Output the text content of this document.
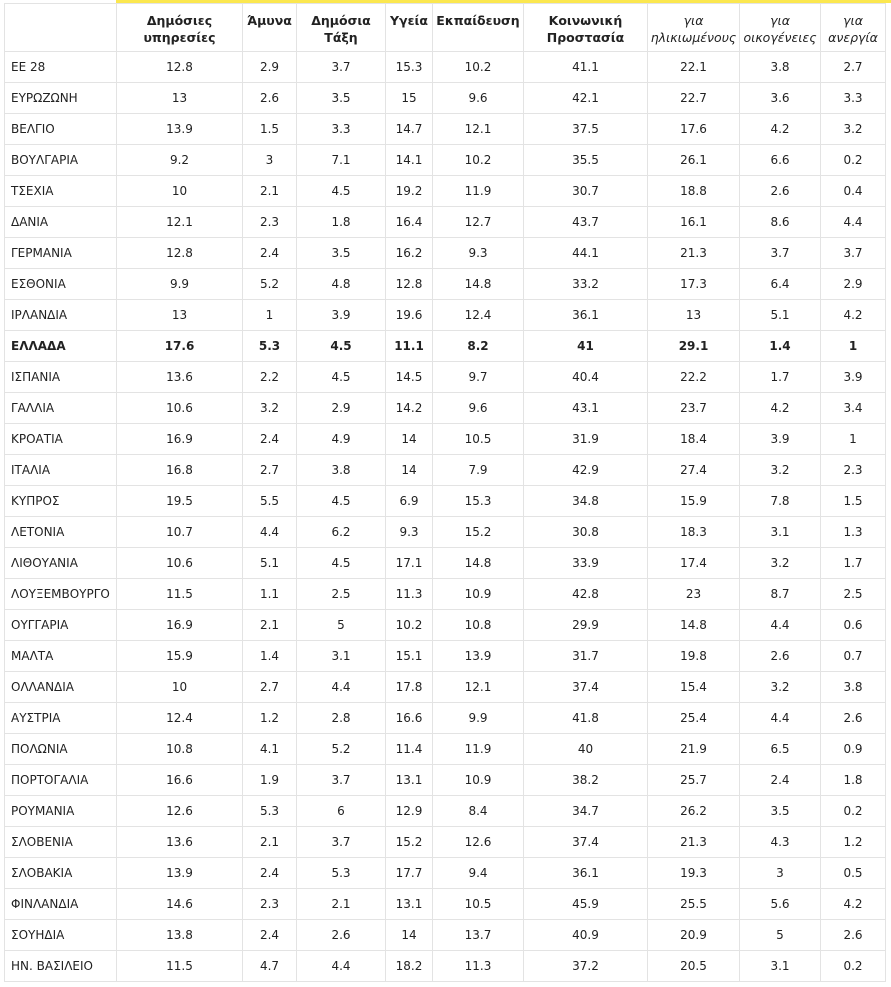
	Δημόσιες υπηρεσίες	Άμυνα	Δημόσια Τάξη	Υγεία	Εκπαίδευση	Κοινωνική Προστασία	για ηλικιωμένους	για οικογένειες	για ανεργία
ΕΕ 28	12.8	2.9	3.7	15.3	10.2	41.1	22.1	3.8	2.7
ΕΥΡΩΖΩΝΗ	13	2.6	3.5	15	9.6	42.1	22.7	3.6	3.3
ΒΕΛΓΙΟ	13.9	1.5	3.3	14.7	12.1	37.5	17.6	4.2	3.2
ΒΟΥΛΓΑΡΙΑ	9.2	3	7.1	14.1	10.2	35.5	26.1	6.6	0.2
ΤΣΕΧΙΑ	10	2.1	4.5	19.2	11.9	30.7	18.8	2.6	0.4
ΔΑΝΙΑ	12.1	2.3	1.8	16.4	12.7	43.7	16.1	8.6	4.4
ΓΕΡΜΑΝΙΑ	12.8	2.4	3.5	16.2	9.3	44.1	21.3	3.7	3.7
ΕΣΘΟΝΙΑ	9.9	5.2	4.8	12.8	14.8	33.2	17.3	6.4	2.9
ΙΡΛΑΝΔΙΑ	13	1	3.9	19.6	12.4	36.1	13	5.1	4.2
ΕΛΛΑΔΑ	17.6	5.3	4.5	11.1	8.2	41	29.1	1.4	1
ΙΣΠΑΝΙΑ	13.6	2.2	4.5	14.5	9.7	40.4	22.2	1.7	3.9
ΓΑΛΛΙΑ	10.6	3.2	2.9	14.2	9.6	43.1	23.7	4.2	3.4
ΚΡΟΑΤΙΑ	16.9	2.4	4.9	14	10.5	31.9	18.4	3.9	1
ΙΤΑΛΙΑ	16.8	2.7	3.8	14	7.9	42.9	27.4	3.2	2.3
ΚΥΠΡΟΣ	19.5	5.5	4.5	6.9	15.3	34.8	15.9	7.8	1.5
ΛΕΤΟΝΙΑ	10.7	4.4	6.2	9.3	15.2	30.8	18.3	3.1	1.3
ΛΙΘΟΥΑΝΙΑ	10.6	5.1	4.5	17.1	14.8	33.9	17.4	3.2	1.7
ΛΟΥΞΕΜΒΟΥΡΓΟ	11.5	1.1	2.5	11.3	10.9	42.8	23	8.7	2.5
ΟΥΓΓΑΡΙΑ	16.9	2.1	5	10.2	10.8	29.9	14.8	4.4	0.6
ΜΑΛΤΑ	15.9	1.4	3.1	15.1	13.9	31.7	19.8	2.6	0.7
ΟΛΛΑΝΔΙΑ	10	2.7	4.4	17.8	12.1	37.4	15.4	3.2	3.8
ΑΥΣΤΡΙΑ	12.4	1.2	2.8	16.6	9.9	41.8	25.4	4.4	2.6
ΠΟΛΩΝΙΑ	10.8	4.1	5.2	11.4	11.9	40	21.9	6.5	0.9
ΠΟΡΤΟΓΑΛΙΑ	16.6	1.9	3.7	13.1	10.9	38.2	25.7	2.4	1.8
ΡΟΥΜΑΝΙΑ	12.6	5.3	6	12.9	8.4	34.7	26.2	3.5	0.2
ΣΛΟΒΕΝΙΑ	13.6	2.1	3.7	15.2	12.6	37.4	21.3	4.3	1.2
ΣΛΟΒΑΚΙΑ	13.9	2.4	5.3	17.7	9.4	36.1	19.3	3	0.5
ΦΙΝΛΑΝΔΙΑ	14.6	2.3	2.1	13.1	10.5	45.9	25.5	5.6	4.2
ΣΟΥΗΔΙΑ	13.8	2.4	2.6	14	13.7	40.9	20.9	5	2.6
ΗΝ. ΒΑΣΙΛΕΙΟ	11.5	4.7	4.4	18.2	11.3	37.2	20.5	3.1	0.2
